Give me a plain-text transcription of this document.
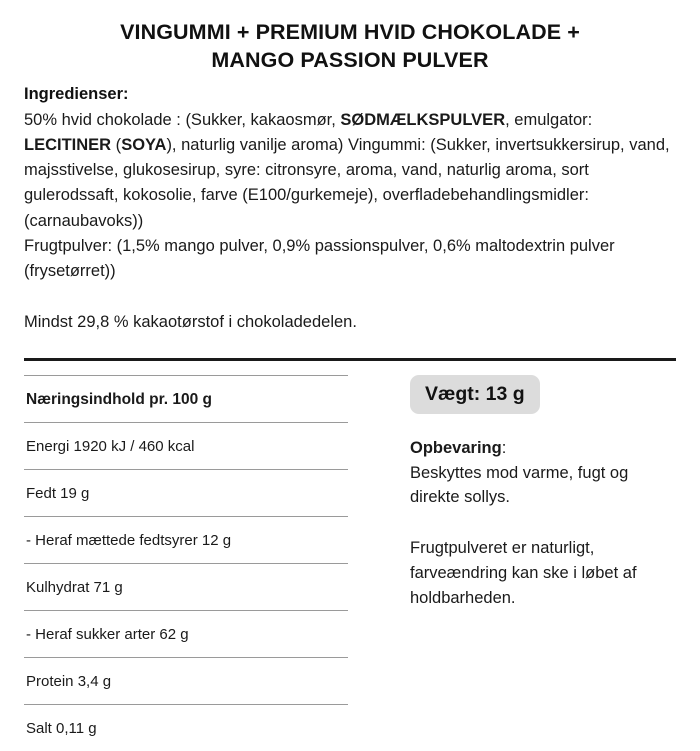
VINGUMMI + PREMIUM HVID CHOKOLADE +
MANGO PASSION PULVER
Ingredienser:

50% hvid chokolade : (Sukker, kakaosmør, SØDMÆLKSPULVER, emulgator: LECITINER (SOYA), naturlig vanilje aroma) Vingummi: (Sukker, invertsukkersirup, vand, majsstivelse, glukosesirup, syre: citronsyre, aroma, vand, naturlig aroma, sort gulerodssaft, kokosolie, farve (E100/gurkemeje), overfladebehandlingsmidler: (carnaubavoks))

Frugtpulver: (1,5% mango pulver, 0,9% passionspulver, 0,6% maltodextrin pulver (frysetørret))

Mindst 29,8 % kakaotørstof i chokoladedelen.

Næringsindhold pr. 100 g
Energi 1920 kJ / 460 kcal
Fedt 19 g
- Heraf mættede fedtsyrer 12 g
Kulhydrat 71 g
- Heraf sukker arter 62 g
Protein 3,4 g
Salt 0,11 g
Vægt: 13 g
Opbevaring:
Beskyttes mod varme, fugt og direkte sollys.
Frugtpulveret er naturligt, farveændring kan ske i løbet af holdbarheden.
